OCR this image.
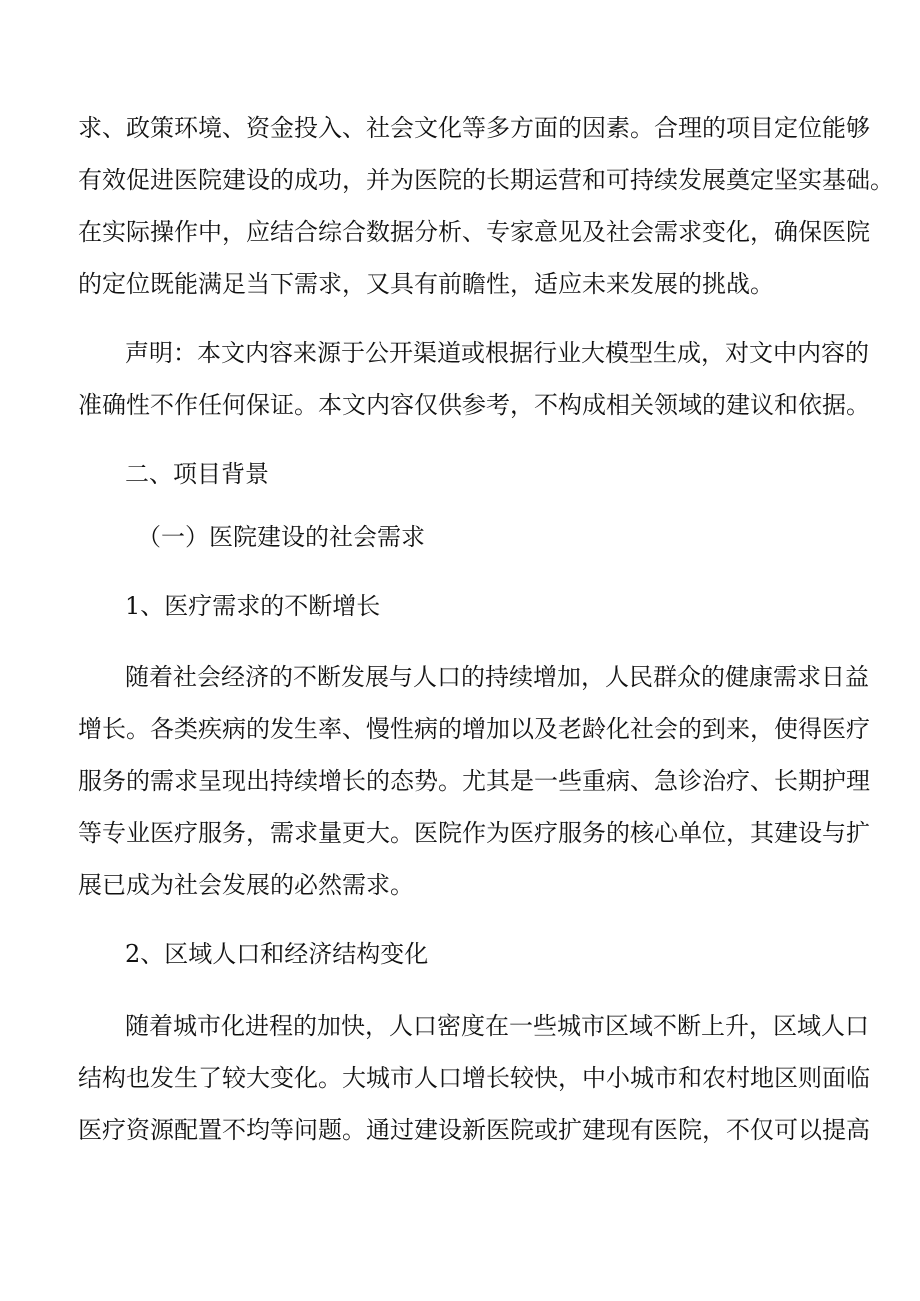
求、政策环境、资金投入、社会文化等多方面的因素。合理的项目定位能够

有效促进医院建设的成功，并为医院的长期运营和可持续发展奠定坚实基础。

在实际操作中，应结合综合数据分析、专家意见及社会需求变化，确保医院

的定位既能满足当下需求，又具有前瞻性，适应未来发展的挑战。

声明：本文内容来源于公开渠道或根据行业大模型生成，对文中内容的

准确性不作任何保证。本文内容仅供参考，不构成相关领域的建议和依据。

二、项目背景
（一）医院建设的社会需求
1、医疗需求的不断增长

随着社会经济的不断发展与人口的持续增加，人民群众的健康需求日益

增长。各类疾病的发生率、慢性病的增加以及老龄化社会的到来，使得医疗

服务的需求呈现出持续增长的态势。尤其是一些重病、急诊治疗、长期护理

等专业医疗服务，需求量更大。医院作为医疗服务的核心单位，其建设与扩

展已成为社会发展的必然需求。

2、区域人口和经济结构变化

随着城市化进程的加快，人口密度在一些城市区域不断上升，区域人口

结构也发生了较大变化。大城市人口增长较快，中小城市和农村地区则面临

医疗资源配置不均等问题。通过建设新医院或扩建现有医院，不仅可以提高
